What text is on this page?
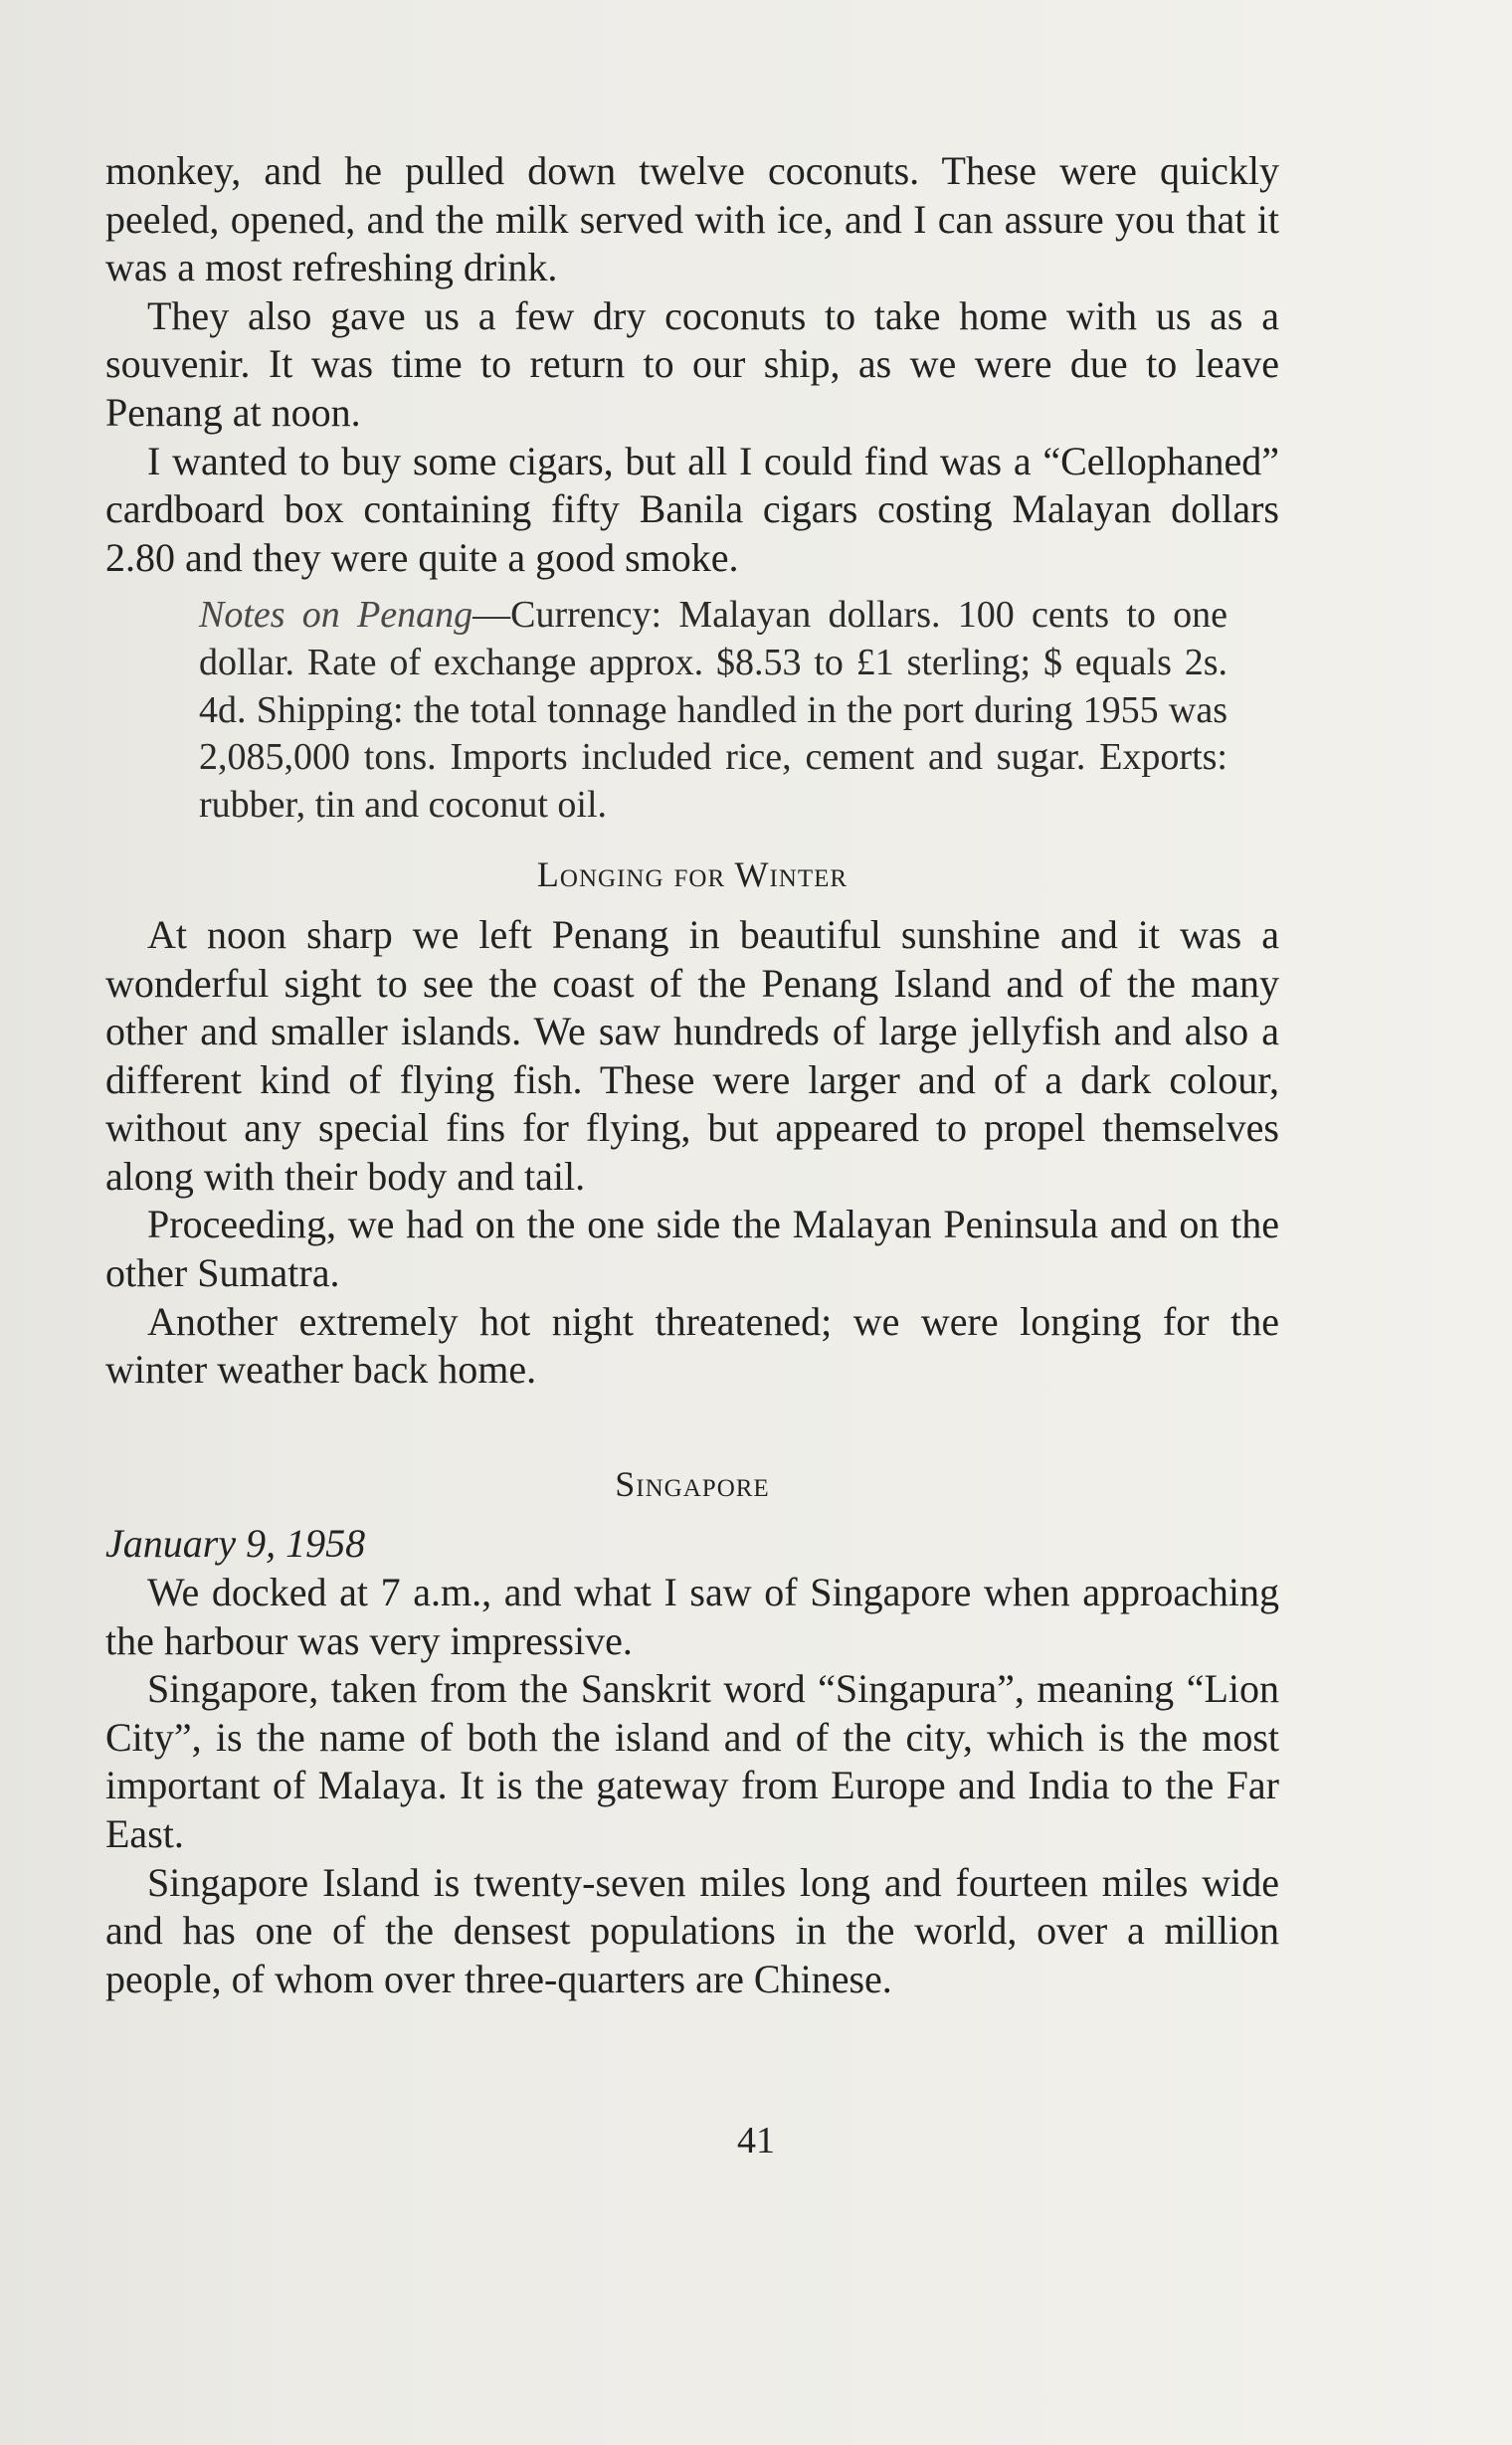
monkey, and he pulled down twelve coconuts. These were quickly peeled, opened, and the milk served with ice, and I can assure you that it was a most refreshing drink.

They also gave us a few dry coconuts to take home with us as a souvenir. It was time to return to our ship, as we were due to leave Penang at noon.

I wanted to buy some cigars, but all I could find was a “Cellophaned” cardboard box containing fifty Banila cigars costing Malayan dollars 2.80 and they were quite a good smoke.

Notes on Penang—Currency: Malayan dollars. 100 cents to one dollar. Rate of exchange approx. $8.53 to £1 sterling; $ equals 2s. 4d. Shipping: the total tonnage handled in the port during 1955 was 2,085,000 tons. Imports included rice, cement and sugar. Exports: rubber, tin and coconut oil.
Longing for Winter

At noon sharp we left Penang in beautiful sunshine and it was a wonderful sight to see the coast of the Penang Island and of the many other and smaller islands. We saw hundreds of large jellyfish and also a different kind of flying fish. These were larger and of a dark colour, without any special fins for flying, but appeared to propel themselves along with their body and tail.

Proceeding, we had on the one side the Malayan Peninsula and on the other Sumatra.

Another extremely hot night threatened; we were longing for the winter weather back home.

Singapore

January 9, 1958

We docked at 7 a.m., and what I saw of Singapore when approaching the harbour was very impressive.

Singapore, taken from the Sanskrit word “Singapura”, meaning “Lion City”, is the name of both the island and of the city, which is the most important of Malaya. It is the gateway from Europe and India to the Far East.

Singapore Island is twenty-seven miles long and fourteen miles wide and has one of the densest populations in the world, over a million people, of whom over three-quarters are Chinese.

41
